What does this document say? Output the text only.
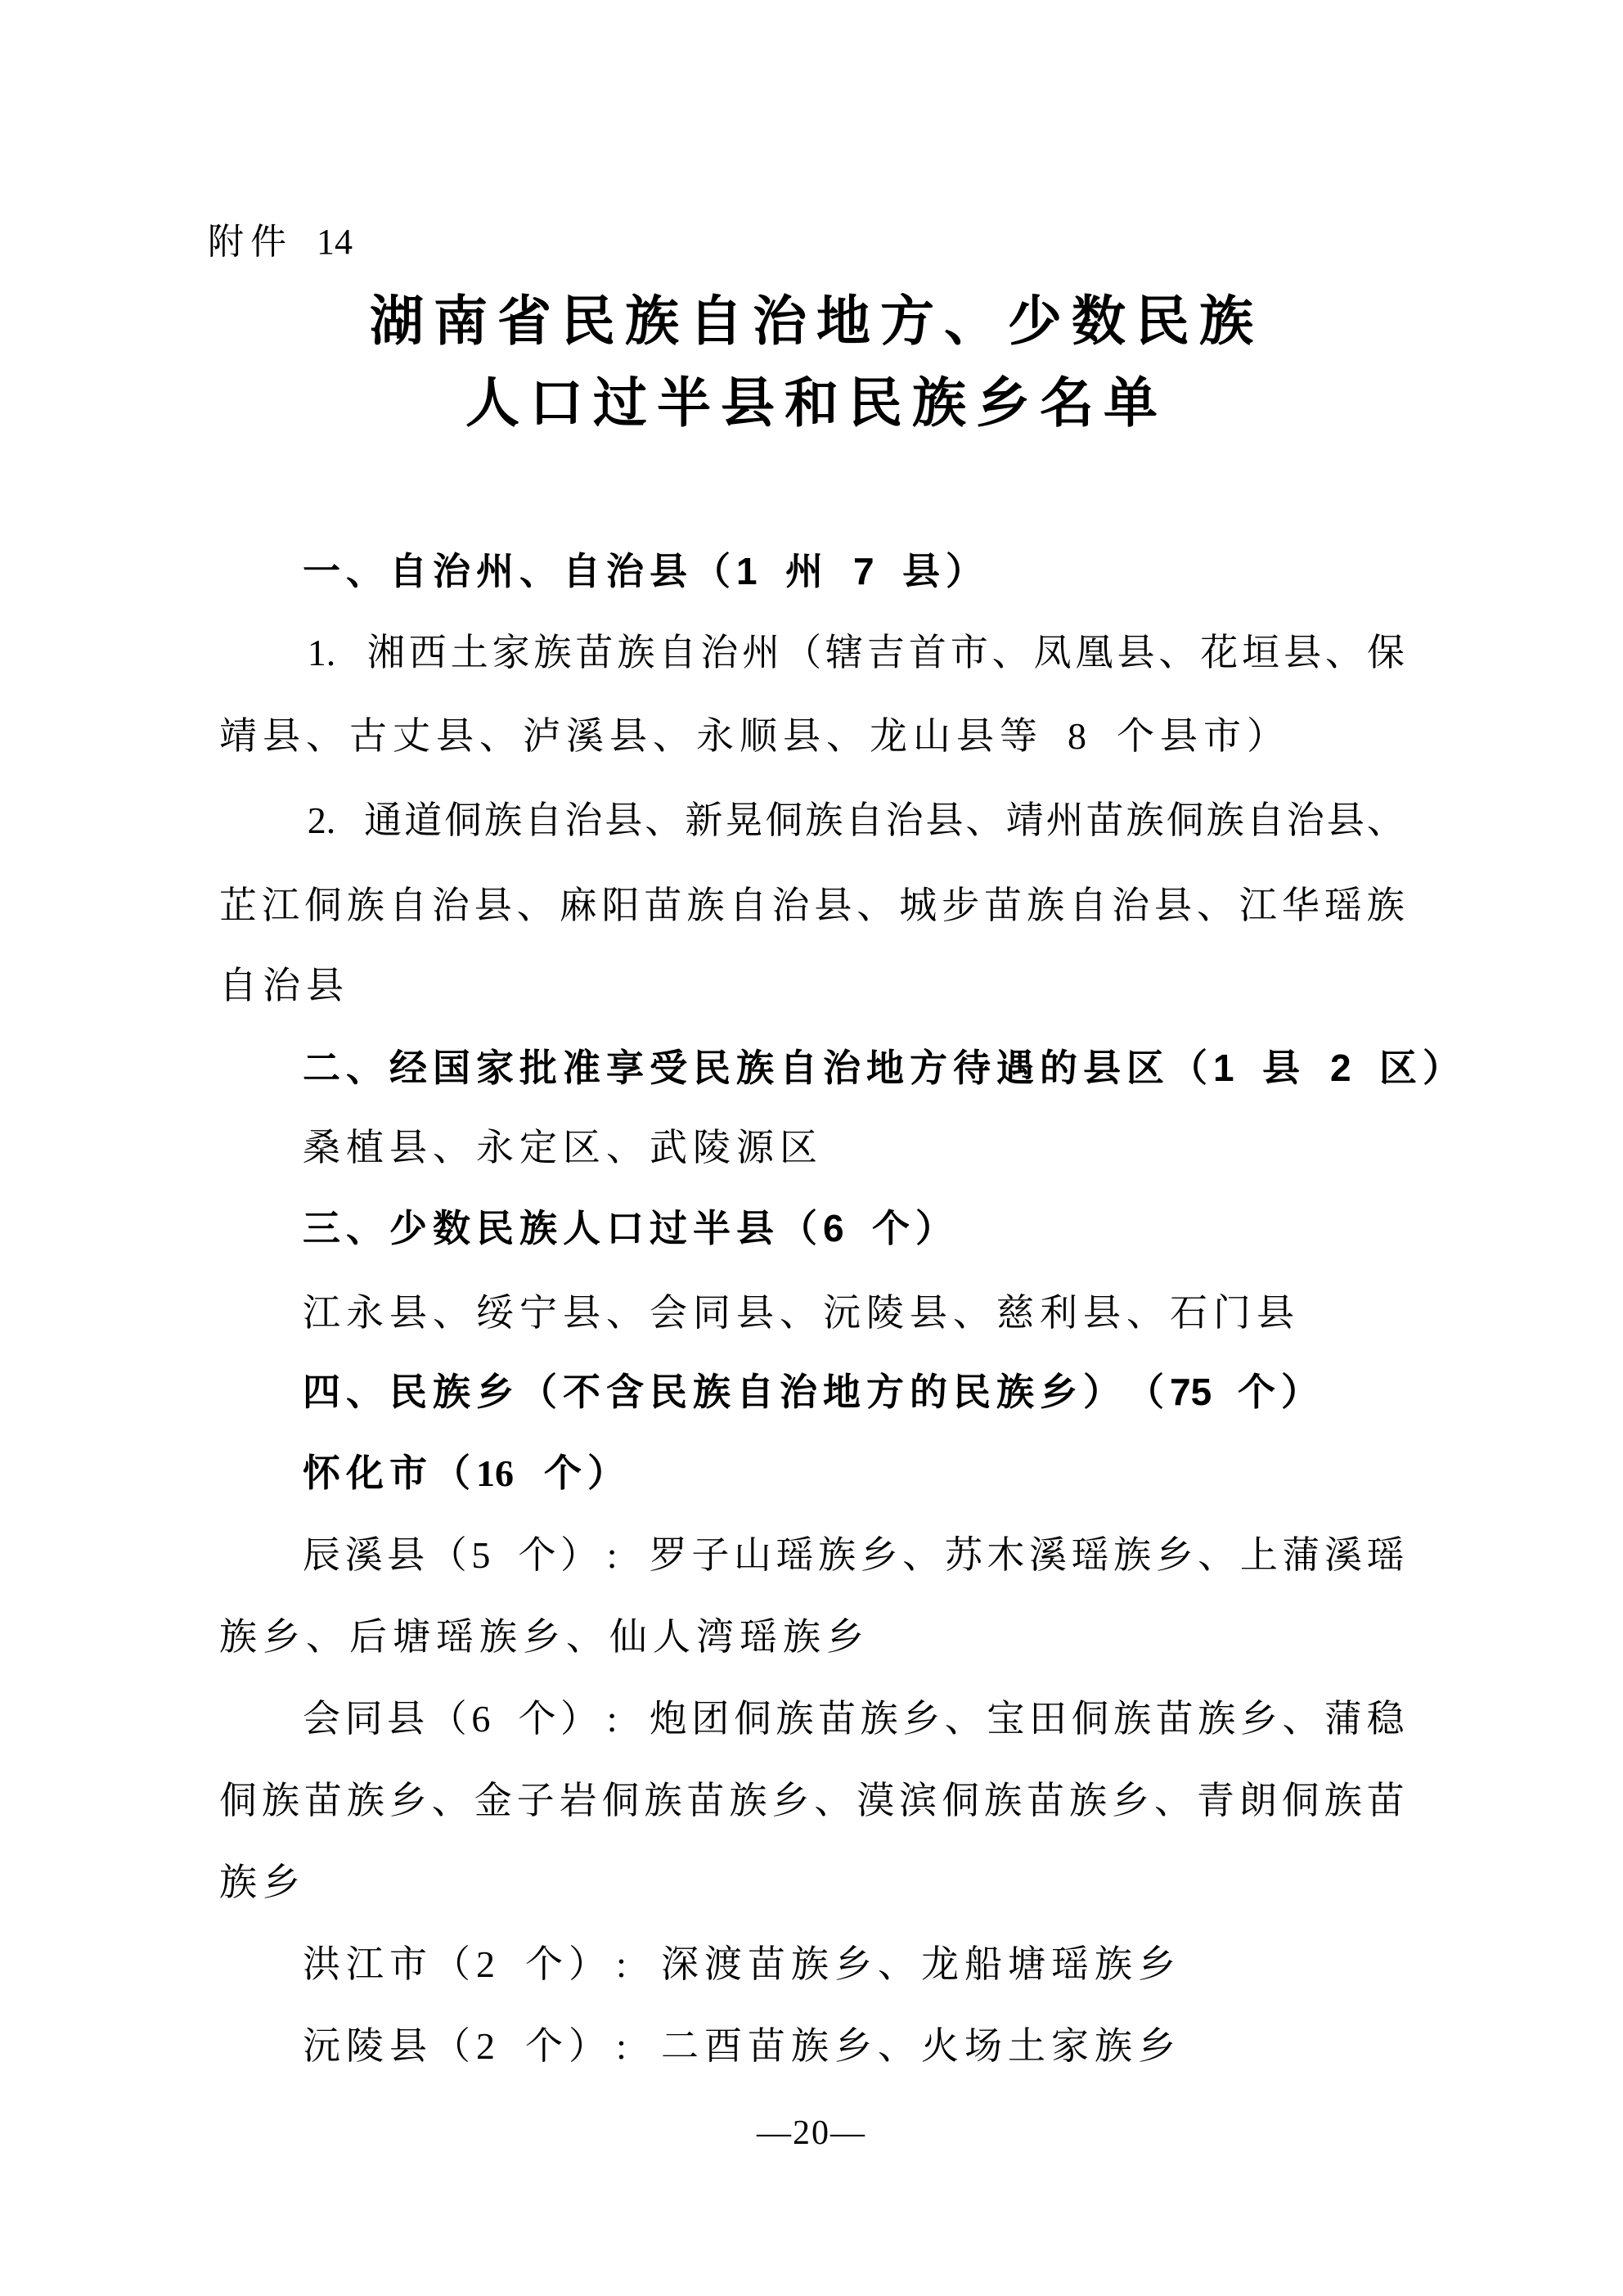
—20—
附 件
14
湖 南 省 民 族 自 治 地 方 、 少 数 民 族
人 口 过 半 县 和 民 族 乡 名 单
一 、 自 治 州 、 自 治 县 （ 1
州
7
县 ）
1.
湘 西 土 家 族 苗 族 自 治 州 （ 辖 吉 首 市 、 凤 凰 县 、 花 垣 县 、 保
靖 县 、 古 丈 县 、 泸 溪 县 、 永 顺 县 、 龙 山 县 等
8
个 县 市 ）
2.
通 道 侗 族 自 治 县 、 新 晃 侗 族 自 治 县 、 靖 州 苗 族 侗 族 自 治 县 、
芷 江 侗 族 自 治 县 、 麻 阳 苗 族 自 治 县 、 城 步 苗 族 自 治 县 、 江 华 瑶 族
自 治 县
二 、 经 国 家 批 准 享 受 民 族 自 治 地 方 待 遇 的 县 区 （ 1
县
2
区 ）
桑 植 县 、 永 定 区 、 武 陵 源 区
三 、 少 数 民 族 人 口 过 半 县 （ 6
个 ）
江 永 县 、 绥 宁 县 、 会 同 县 、 沅 陵 县 、 慈 利 县 、 石 门 县
四 、 民 族 乡 （ 不 含 民 族 自 治 地 方 的 民 族 乡 ） （ 75
个 ）
怀 化 市 （ 16
个 ）
辰 溪 县 （ 5
个 ） :
罗 子 山 瑶 族 乡 、 苏 木 溪 瑶 族 乡 、 上 蒲 溪 瑶
族 乡 、 后 塘 瑶 族 乡 、 仙 人 湾 瑶 族 乡
会 同 县 （ 6
个 ） :
炮 团 侗 族 苗 族 乡 、 宝 田 侗 族 苗 族 乡 、 蒲 稳
侗 族 苗 族 乡 、 金 子 岩 侗 族 苗 族 乡 、 漠 滨 侗 族 苗 族 乡 、 青 朗 侗 族 苗
族 乡
洪 江 市 （ 2
个 ） :
深 渡 苗 族 乡 、 龙 船 塘 瑶 族 乡
沅 陵 县 （ 2
个 ） :
二 酉 苗 族 乡 、 火 场 土 家 族 乡
